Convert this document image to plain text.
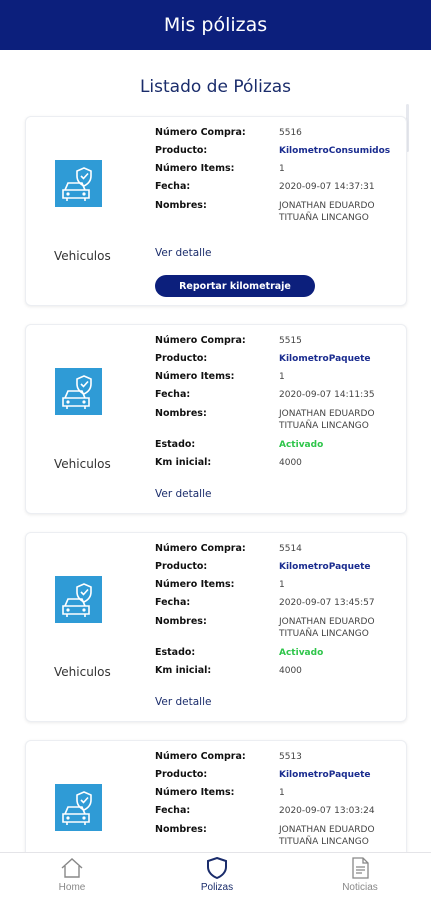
Mis pólizas
Listado de Pólizas
Vehiculos
Número Compra:	5516
Producto:	KilometroConsumidos
Número Items:	1
Fecha:	2020-09-07 14:37:31
Nombres:	JONATHAN EDUARDO TITUAÑA LINCANGO
Ver detalle
Reportar kilometraje
Vehiculos
Número Compra:	5515
Producto:	KilometroPaquete
Número Items:	1
Fecha:	2020-09-07 14:11:35
Nombres:	JONATHAN EDUARDO TITUAÑA LINCANGO
Estado:	Activado
Km inicial:	4000
Ver detalle
Vehiculos
Número Compra:	5514
Producto:	KilometroPaquete
Número Items:	1
Fecha:	2020-09-07 13:45:57
Nombres:	JONATHAN EDUARDO TITUAÑA LINCANGO
Estado:	Activado
Km inicial:	4000
Ver detalle
Número Compra:	5513
Producto:	KilometroPaquete
Número Items:	1
Fecha:	2020-09-07 13:03:24
Nombres:	JONATHAN EDUARDO TITUAÑA LINCANGO
Home	Polizas	Noticias
